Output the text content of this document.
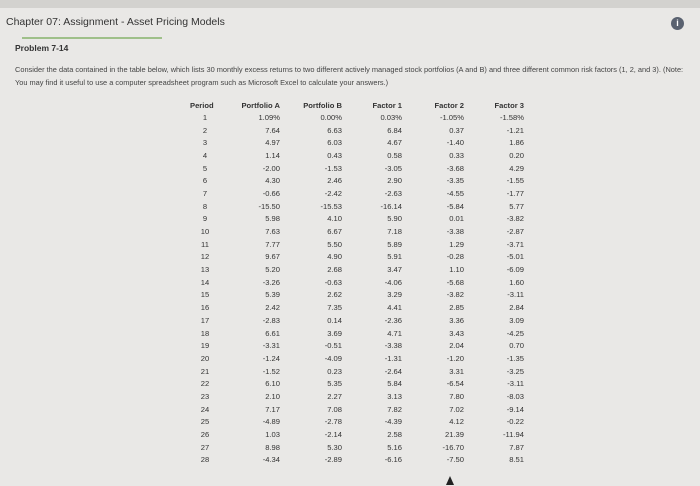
Chapter 07: Assignment - Asset Pricing Models	i
Problem 7-14
Consider the data contained in the table below, which lists 30 monthly excess returns to two different actively managed stock portfolios (A and B) and three different common risk factors (1, 2, and 3). (Note: You may find it useful to use a computer spreadsheet program such as Microsoft Excel to calculate your answers.)
Period	Portfolio A	Portfolio B	Factor 1	Factor 2	Factor 3
1	1.09%	0.00%	0.03%	-1.05%	-1.58%
2	7.64	6.63	6.84	0.37	-1.21
3	4.97	6.03	4.67	-1.40	1.86
4	1.14	0.43	0.58	0.33	0.20
5	-2.00	-1.53	-3.05	-3.68	4.29
6	4.30	2.46	2.90	-3.35	-1.55
7	-0.66	-2.42	-2.63	-4.55	-1.77
8	-15.50	-15.53	-16.14	-5.84	5.77
9	5.98	4.10	5.90	0.01	-3.82
10	7.63	6.67	7.18	-3.38	-2.87
11	7.77	5.50	5.89	1.29	-3.71
12	9.67	4.90	5.91	-0.28	-5.01
13	5.20	2.68	3.47	1.10	-6.09
14	-3.26	-0.63	-4.06	-5.68	1.60
15	5.39	2.62	3.29	-3.82	-3.11
16	2.42	7.35	4.41	2.85	2.84
17	-2.83	0.14	-2.36	3.36	3.09
18	6.61	3.69	4.71	3.43	-4.25
19	-3.31	-0.51	-3.38	2.04	0.70
20	-1.24	-4.09	-1.31	-1.20	-1.35
21	-1.52	0.23	-2.64	3.31	-3.25
22	6.10	5.35	5.84	-6.54	-3.11
23	2.10	2.27	3.13	7.80	-8.03
24	7.17	7.08	7.82	7.02	-9.14
25	-4.89	-2.78	-4.39	4.12	-0.22
26	1.03	-2.14	2.58	21.39	-11.94
27	8.98	5.30	5.16	-16.70	7.87
28	-4.34	-2.89	-6.16	-7.50	8.51
